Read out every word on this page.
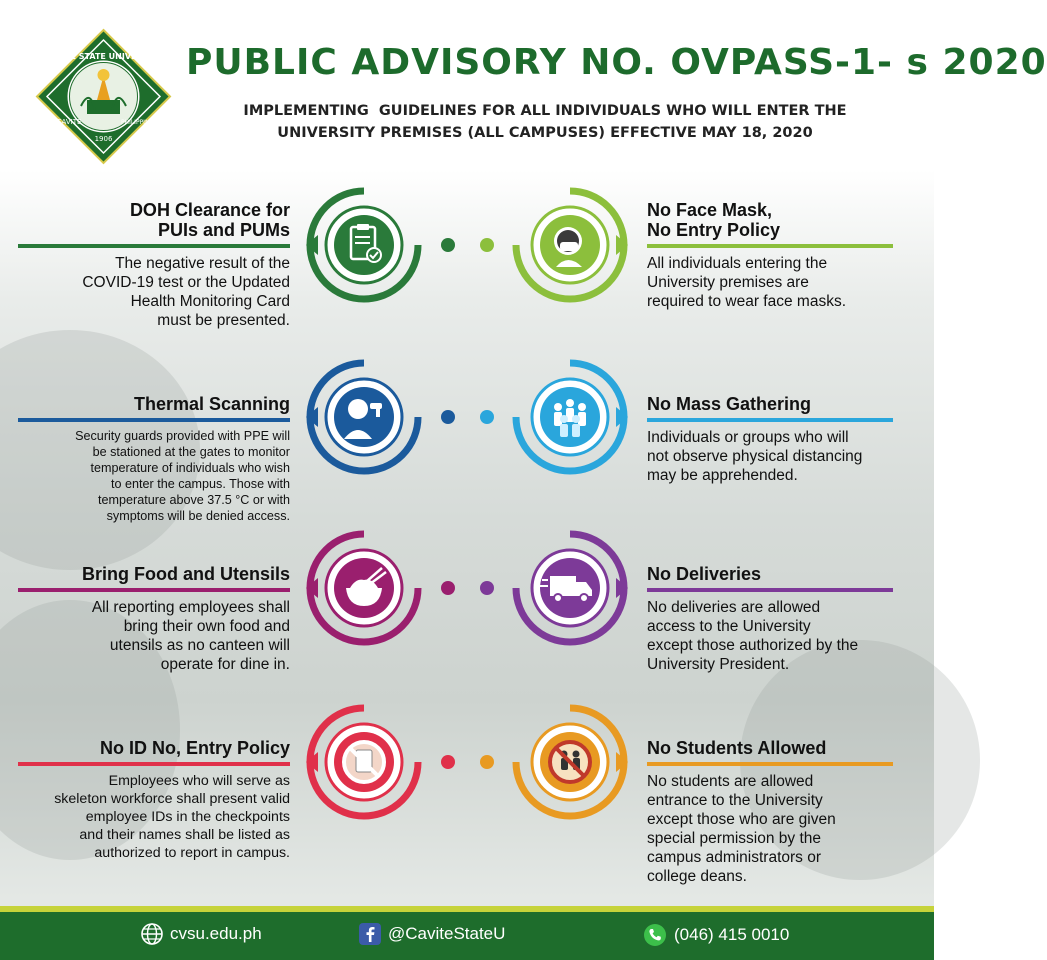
CAVITE STATE UNIVERSITY
CAVITE	PHILIPPINES
1906
PUBLIC ADVISORY NO. OVPASS-1- s 2020
IMPLEMENTING  GUIDELINES FOR ALL INDIVIDUALS WHO WILL ENTER THE
UNIVERSITY PREMISES (ALL CAMPUSES) EFFECTIVE MAY 18, 2020
DOH Clearance for
PUIs and PUMs
The negative result of the
COVID-19 test or the Updated
Health Monitoring Card
must be presented.
No Face Mask,
No Entry Policy
All individuals entering the
University premises are
required to wear face masks.
Thermal Scanning
Security guards provided with PPE will
be stationed at the gates to monitor
temperature of individuals who wish
to enter the campus. Those with
temperature above 37.5 °C or with
symptoms will be denied access.
No Mass Gathering
Individuals or groups who will
not observe physical distancing
may be apprehended.
Bring Food and Utensils
All reporting employees shall
bring their own food and
utensils as no canteen will
operate for dine in.
No Deliveries
No deliveries are allowed
access to the University
except those authorized by the
University President.
No ID No, Entry Policy
Employees who will serve as
skeleton workforce shall present valid
employee IDs in the checkpoints
and their names shall be listed as
authorized to report in campus.
No Students Allowed
No students are allowed
entrance to the University
except those who are given
special permission by the
campus administrators or
college deans.
cvsu.edu.ph	@CaviteStateU	(046) 415 0010
